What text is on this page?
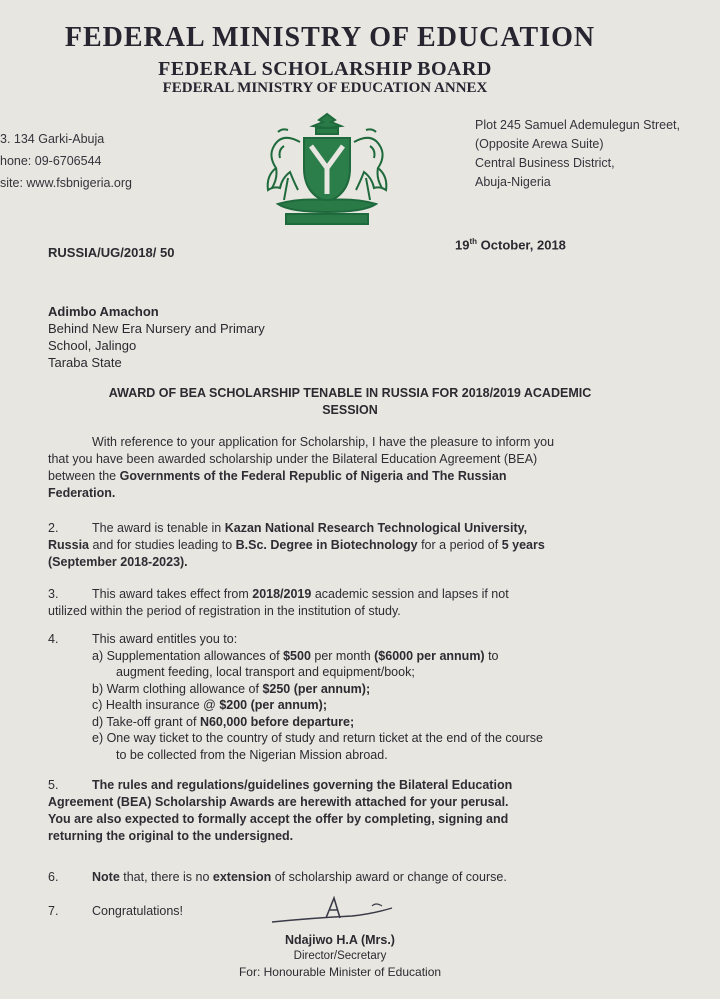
FEDERAL MINISTRY OF EDUCATION
FEDERAL SCHOLARSHIP BOARD
FEDERAL MINISTRY OF EDUCATION ANNEX
3. 134 Garki-Abuja
hone: 09-6706544
site: www.fsbnigeria.org
Plot 245 Samuel Ademulegun Street,
(Opposite Arewa Suite)
Central Business District,
Abuja-Nigeria
RUSSIA/UG/2018/ 50
19th October, 2018
Adimbo Amachon
Behind New Era Nursery and Primary
School, Jalingo
Taraba State
AWARD OF BEA SCHOLARSHIP TENABLE IN RUSSIA FOR 2018/2019 ACADEMIC
SESSION
With reference to your application for Scholarship, I have the pleasure to inform you
that you have been awarded scholarship under the Bilateral Education Agreement (BEA)
between the Governments of the Federal Republic of Nigeria and The Russian
Federation.
2.	The award is tenable in Kazan National Research Technological University,
Russia and for studies leading to B.Sc. Degree in Biotechnology for a period of 5 years
(September 2018-2023).
3.	This award takes effect from 2018/2019 academic session and lapses if not
utilized within the period of registration in the institution of study.
4.	This award entitles you to:
a) Supplementation allowances of $500 per month ($6000 per annum) to
augment feeding, local transport and equipment/book;
b) Warm clothing allowance of $250 (per annum);
c) Health insurance @ $200 (per annum);
d) Take-off grant of N60,000 before departure;
e) One way ticket to the country of study and return ticket at the end of the course
to be collected from the Nigerian Mission abroad.
5.	The rules and regulations/guidelines governing the Bilateral Education
Agreement (BEA) Scholarship Awards are herewith attached for your perusal.
You are also expected to formally accept the offer by completing, signing and
returning the original to the undersigned.
6.	Note that, there is no extension of scholarship award or change of course.
7.	Congratulations!
Ndajiwo H.A (Mrs.)
Director/Secretary
For: Honourable Minister of Education
